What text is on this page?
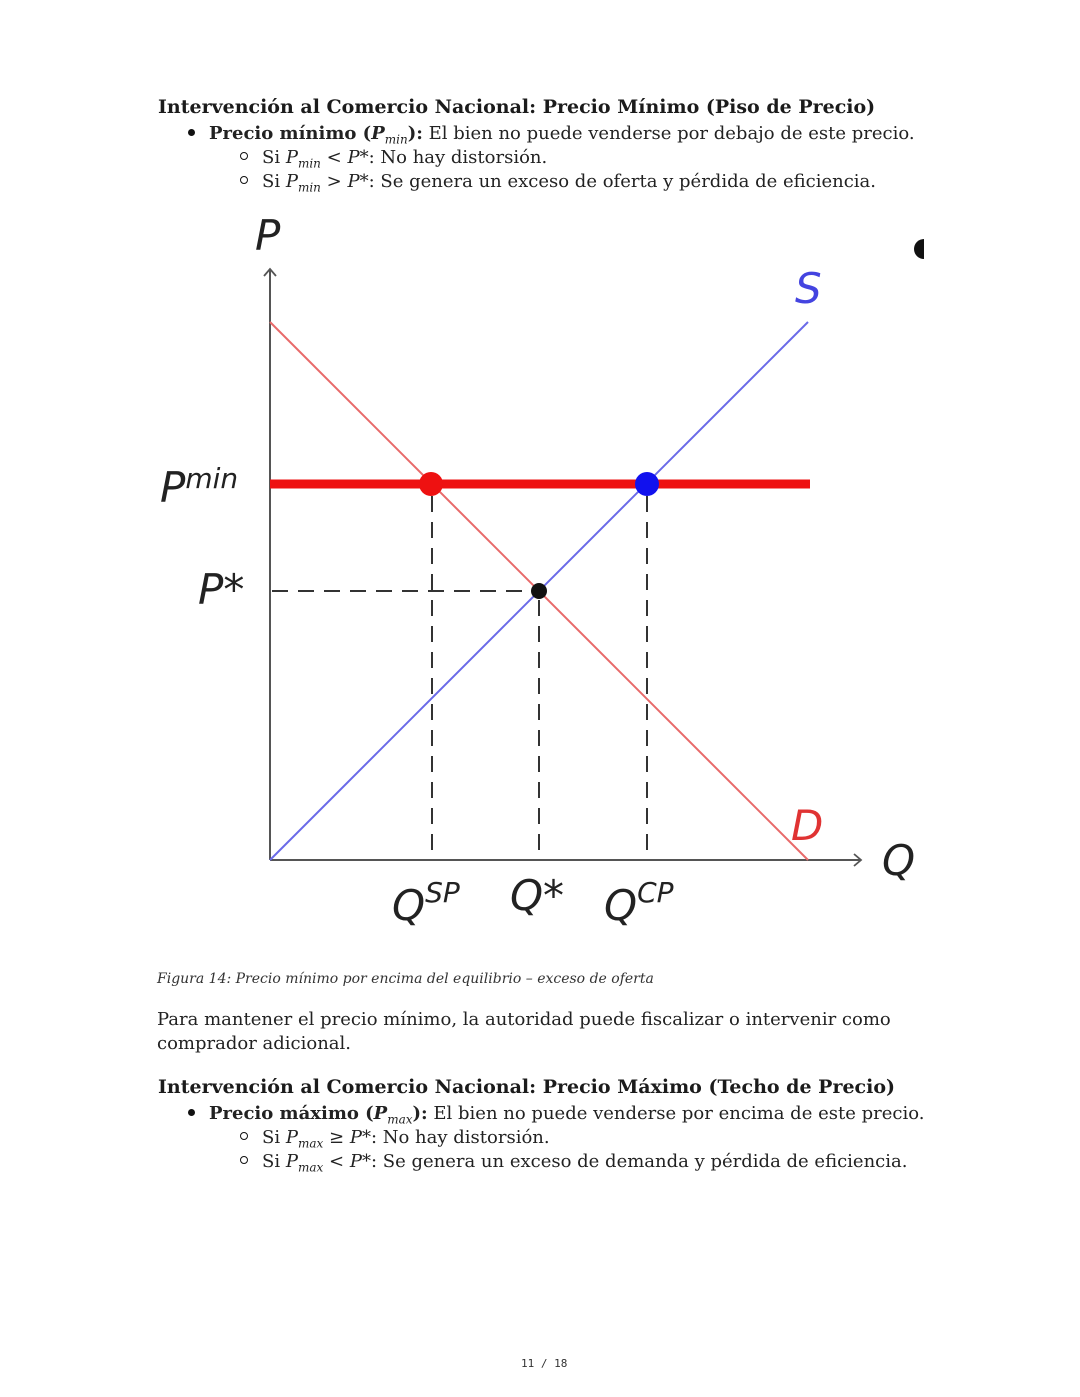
Intervención al Comercio Nacional: Precio Mínimo (Piso de Precio)
Precio mínimo $(P_{min})$: El bien no puede venderse por debajo de este precio.
Si $P_{min} < P*$: No hay distorsión.
Si $P_{min} > P*$: Se genera un exceso de oferta y pérdida de eficiencia.
P
Q
S
D
$P^{min}$
P*
$Q^{SP}$ Q* $Q^{CP}$
Figura 14: Precio mínimo por encima del equilibrio – exceso de oferta
Para mantener el precio mínimo, la autoridad puede fiscalizar o intervenir como comprador adicional.
Intervención al Comercio Nacional: Precio Máximo (Techo de Precio)
Precio máximo $(P_{max})$: El bien no puede venderse por encima de este precio.
Si $P_{max} \ge P*$: No hay distorsión.
Si $P_{max} < P*$: Se genera un exceso de demanda y pérdida de eficiencia.
11 / 18
